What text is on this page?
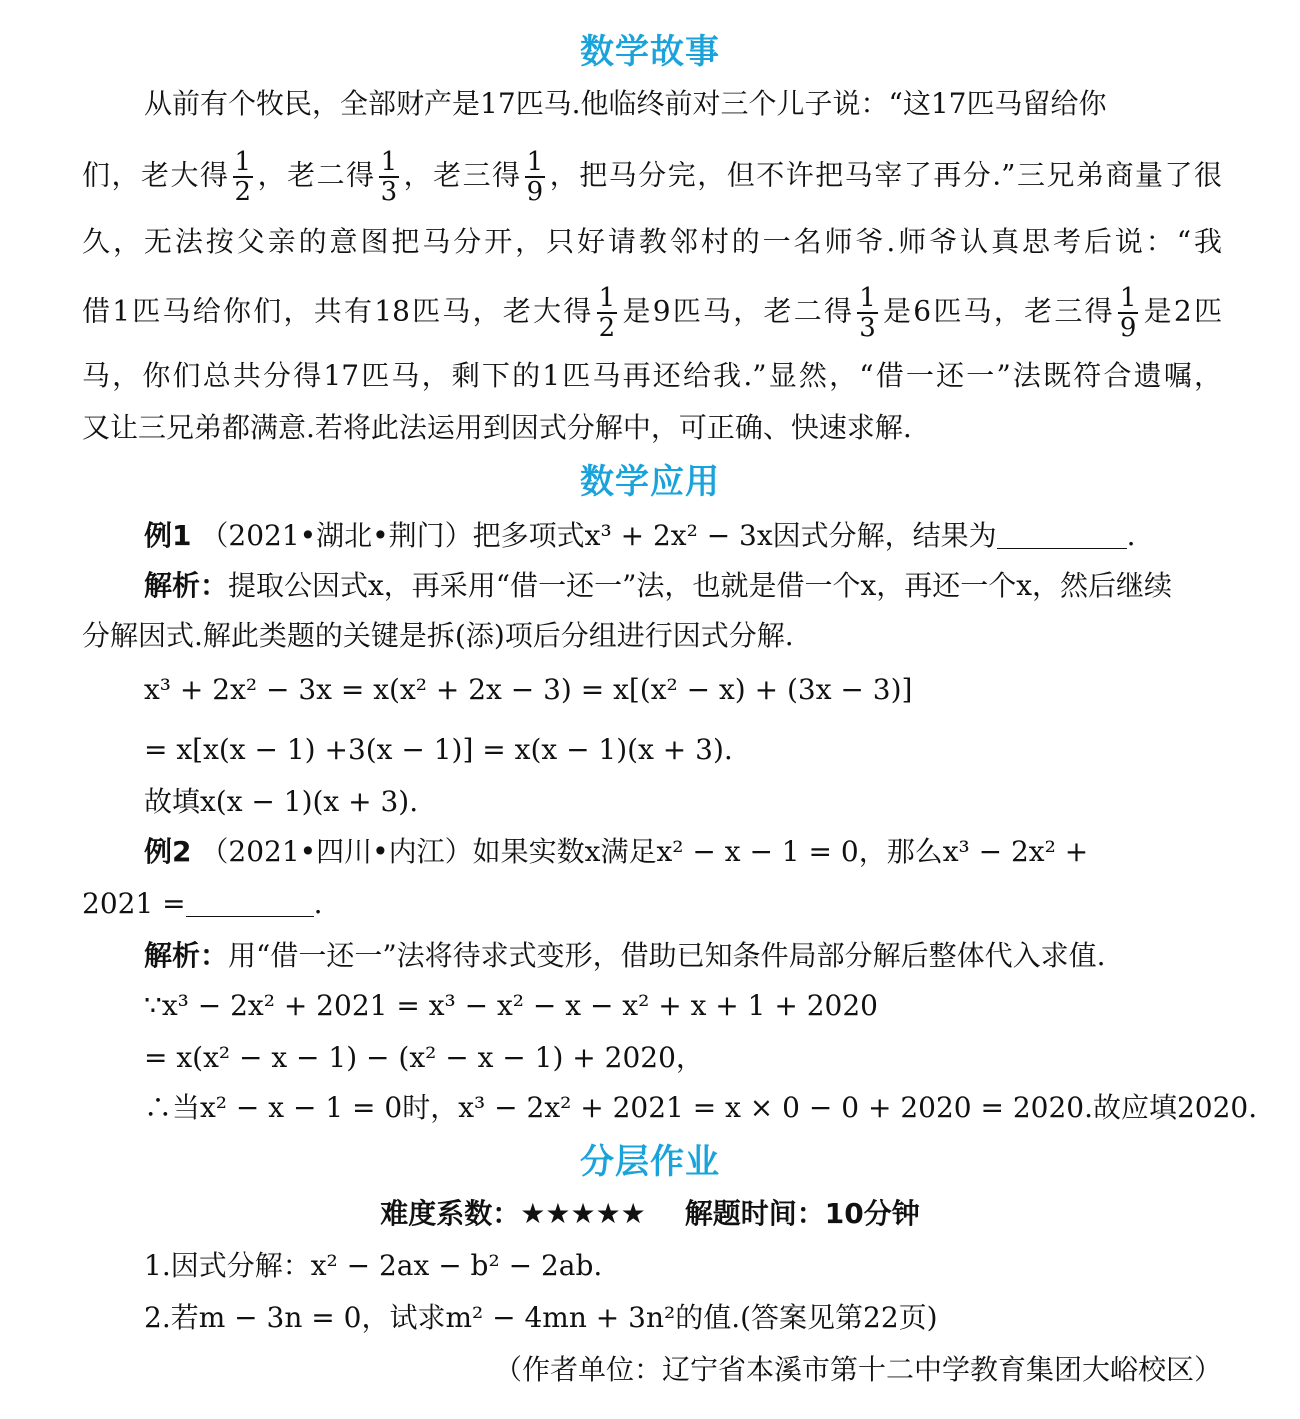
数学故事
从前有个牧民，全部财产是17匹马.他临终前对三个儿子说：“这17匹马留给你
们，老大得 $\frac{1}{2}$ ，老二得 $\frac{1}{3}$ ，老三得 $\frac{1}{9}$ ，把马分完，但不许把马宰了再分.”三兄弟商量了很
久，无法按父亲的意图把马分开，只好请教邻村的一名师爷.师爷认真思考后说：“我
借1匹马给你们，共有18匹马，老大得 $\frac{1}{2}$ 是9匹马，老二得 $\frac{1}{3}$ 是6匹马，老三得 $\frac{1}{9}$ 是2匹
马，你们总共分得17匹马，剩下的1匹马再还给我.”显然，“借一还一”法既符合遗嘱，
又让三兄弟都满意.若将此法运用到因式分解中，可正确、快速求解.
数学应用
例1 （2021•湖北•荆门）把多项式x³ + 2x² − 3x因式分解，结果为	.
解析：提取公因式x，再采用“借一还一”法，也就是借一个x，再还一个x，然后继续
分解因式.解此类题的关键是拆(添)项后分组进行因式分解.
x³ + 2x² − 3x = x(x² + 2x − 3) = x[(x² − x) + (3x − 3)]
= x[x(x − 1) +3(x − 1)] = x(x − 1)(x + 3).
故填x(x − 1)(x + 3).
例2 （2021•四川•内江）如果实数x满足x² − x − 1 = 0，那么x³ − 2x² +
2021 =	.
解析：用“借一还一”法将待求式变形，借助已知条件局部分解后整体代入求值.
∵x³ − 2x² + 2021 = x³ − x² − x − x² + x + 1 + 2020
= x(x² − x − 1) − (x² − x − 1) + 2020，
∴当x² − x − 1 = 0时，x³ − 2x² + 2021 = x × 0 − 0 + 2020 = 2020.故应填2020.
分层作业
难度系数：★★★★★    解题时间：10分钟
1.因式分解：x² − 2ax − b² − 2ab.
2.若m − 3n = 0，试求m² − 4mn + 3n²的值.(答案见第22页)
（作者单位：辽宁省本溪市第十二中学教育集团大峪校区）
